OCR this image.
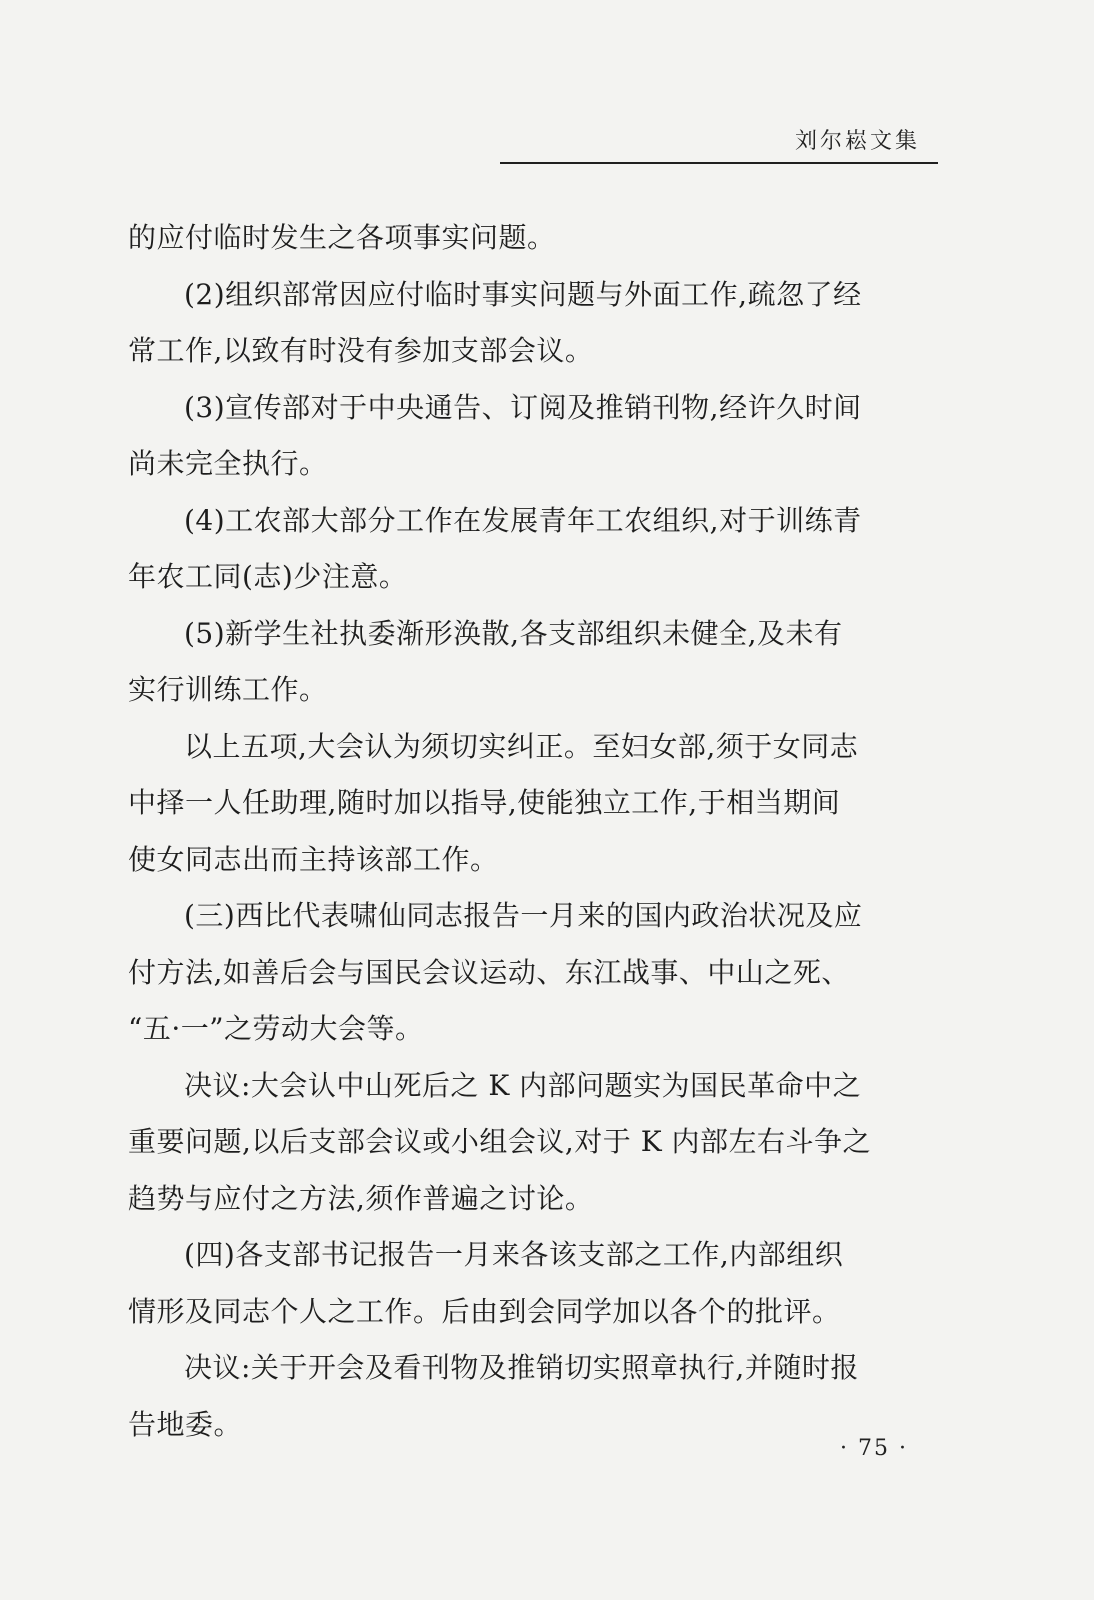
刘尔崧文集

的应付临时发生之各项事实问题。

(2)组织部常因应付临时事实问题与外面工作,疏忽了经
常工作,以致有时没有参加支部会议。

(3)宣传部对于中央通告、订阅及推销刊物,经许久时间
尚未完全执行。

(4)工农部大部分工作在发展青年工农组织,对于训练青
年农工同(志)少注意。

(5)新学生社执委渐形涣散,各支部组织未健全,及未有
实行训练工作。

以上五项,大会认为须切实纠正。至妇女部,须于女同志
中择一人任助理,随时加以指导,使能独立工作,于相当期间
使女同志出而主持该部工作。

(三)西比代表啸仙同志报告一月来的国内政治状况及应
付方法,如善后会与国民会议运动、东江战事、中山之死、
“五·一”之劳动大会等。

决议:大会认中山死后之 K 内部问题实为国民革命中之
重要问题,以后支部会议或小组会议,对于 K 内部左右斗争之
趋势与应付之方法,须作普遍之讨论。

(四)各支部书记报告一月来各该支部之工作,内部组织
情形及同志个人之工作。后由到会同学加以各个的批评。

决议:关于开会及看刊物及推销切实照章执行,并随时报
告地委。

· 75 ·
